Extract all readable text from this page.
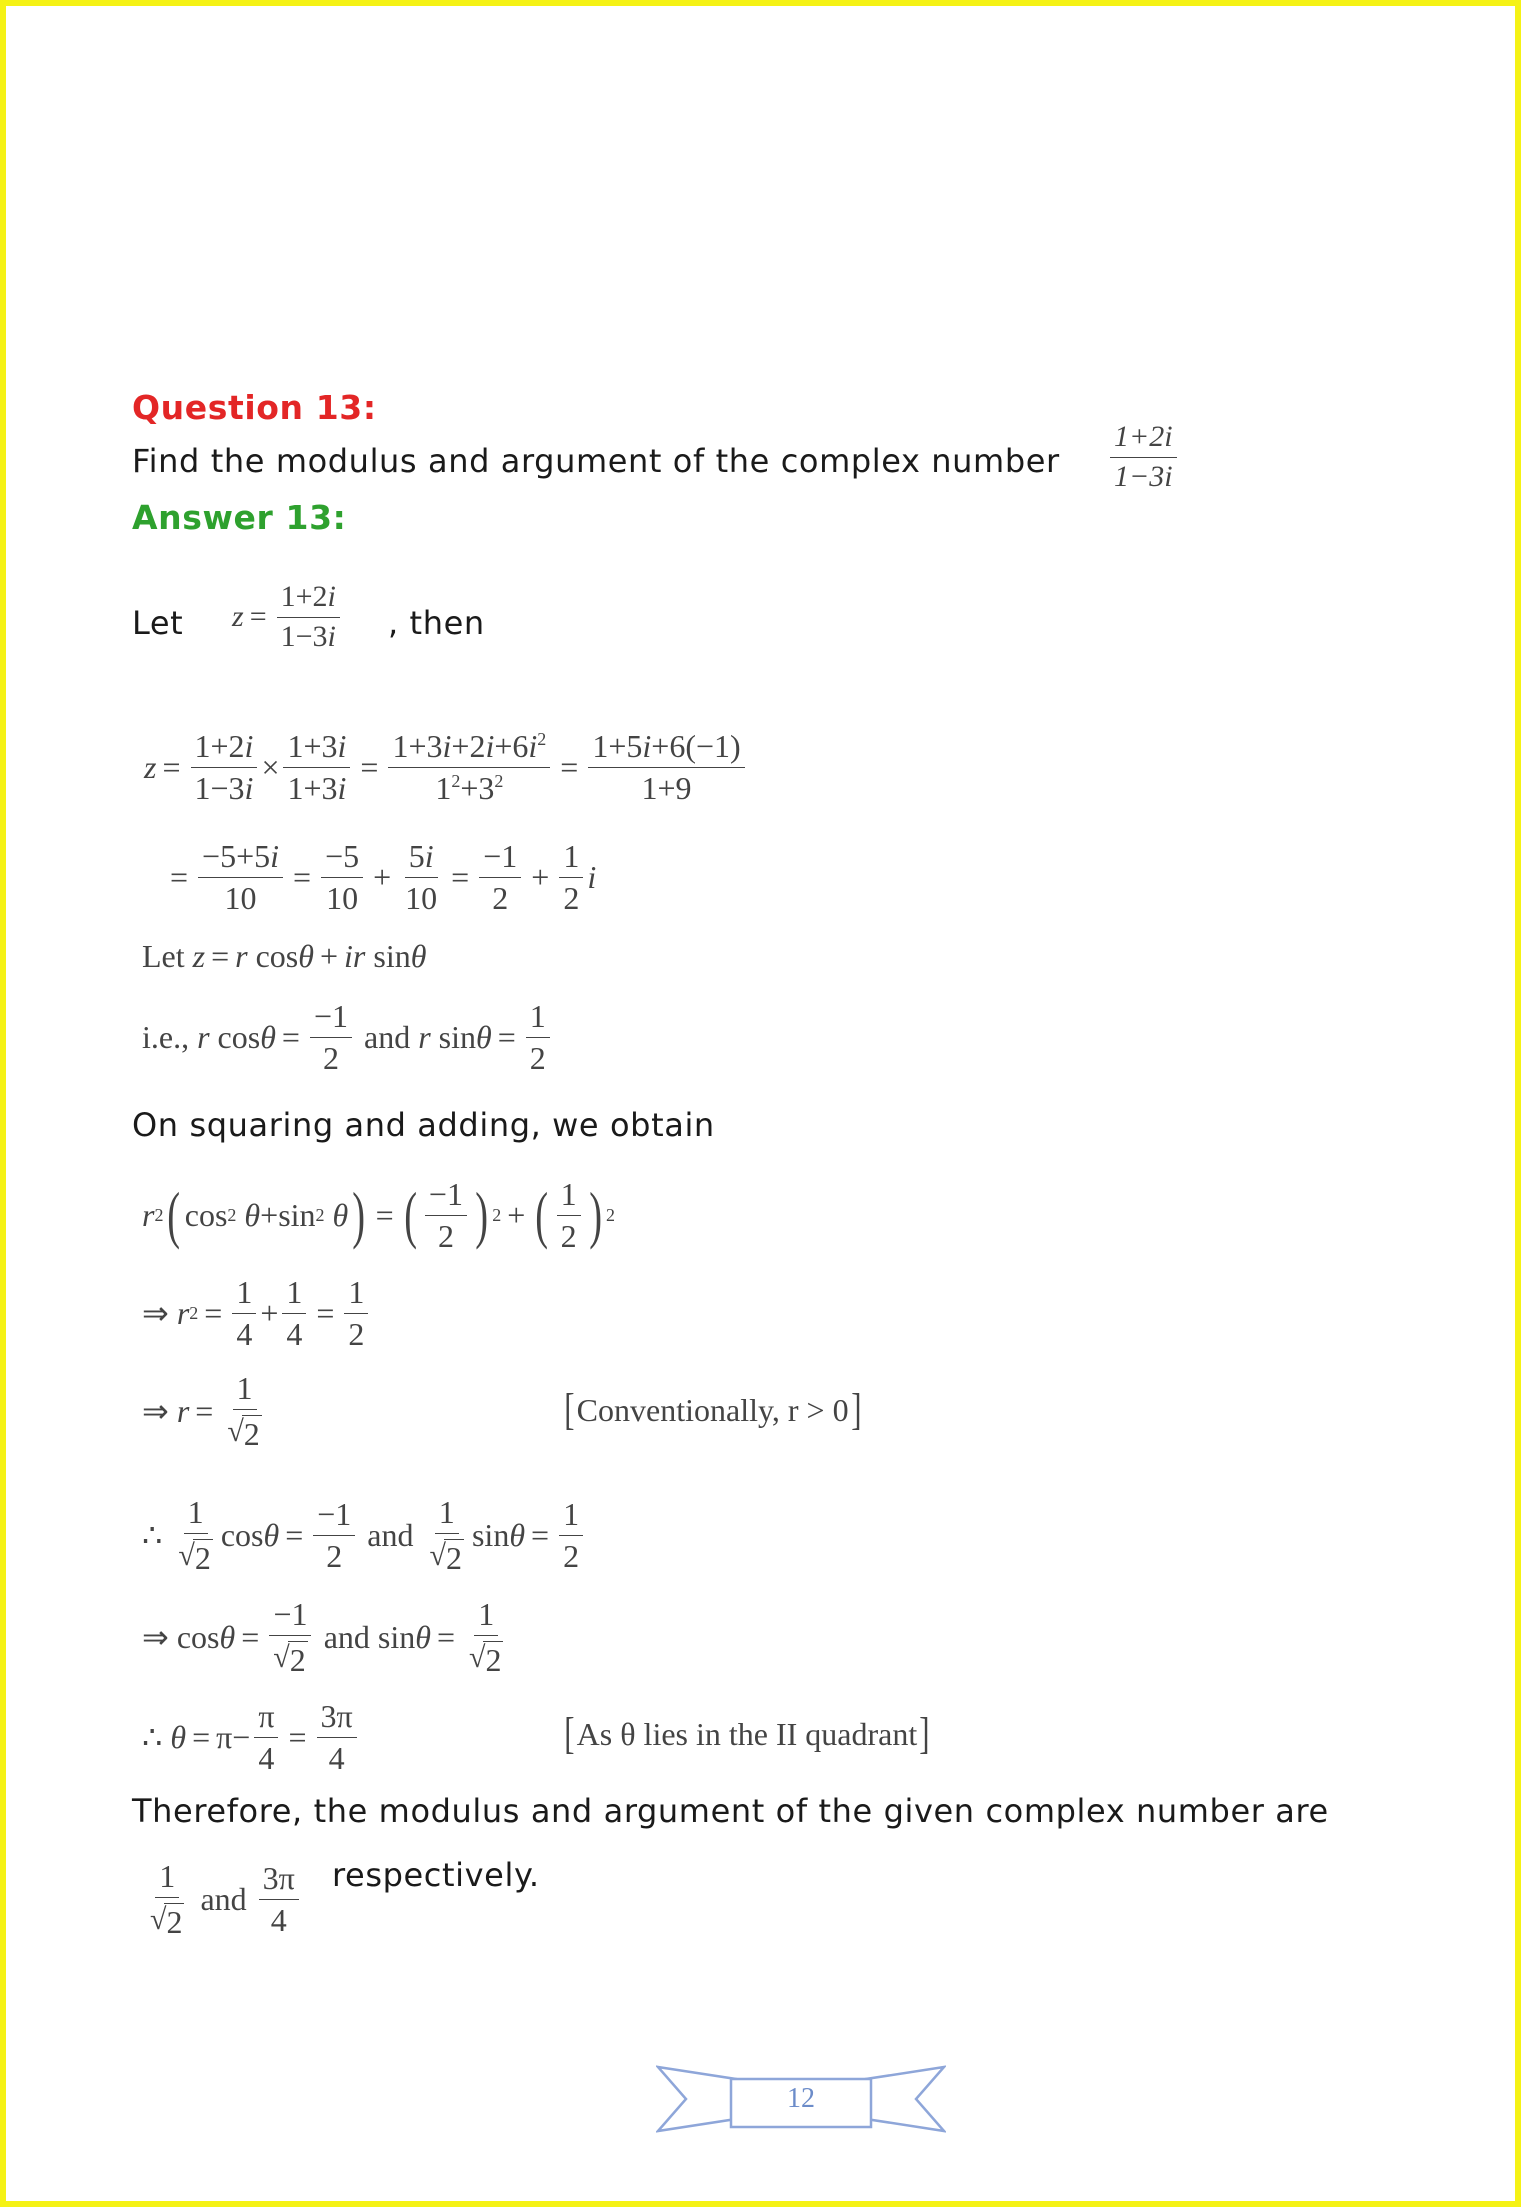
Question 13:
Find the modulus and argument of the complex number $\frac{1+2i}{1-3i}$
Answer 13:
Let $z = \frac{1+2i}{1-3i}$ , then
$z = \frac{1+2i}{1-3i} \times \frac{1+3i}{1+3i} = \frac{1+3i+2i+6i^2}{1^2+3^2} = \frac{1+5i+6(-1)}{1+9}$
= $\frac{-5+5i}{10} = \frac{-5}{10} + \frac{5i}{10} = \frac{-1}{2} + \frac{1}{2}$ i
Let z = r cos θ + ir sin θ
i.e., r $\cos \theta = \frac{-1}{2}$ and r $\sin \theta = \frac{1}{2}$
On squaring and adding, we obtain
r 2 ( cos 2
θ +sin 2
θ ) = ( $\frac{-1}{2}$ ) 2 + ( $\frac{1}{2}$ ) 2
⇒ r $2 = \frac{1}{4} + \frac{1}{4} = \frac{1}{2}$
⇒ $r = \frac{1}{√ 2}$	[ Conventionally, r > 0 ]
∴ $\frac{1}{√ 2}$ $\cos \theta = \frac{-1}{2}$ and $\frac{1}{√ 2}$ $\sin \theta = \frac{1}{2}$
⇒ $\cos \theta = \frac{-1}{√ 2}$ and $\sin \theta = \frac{1}{√ 2}$
∴ $\theta = \pi- \frac{\pi}{4} = \frac{3\pi}{4}$	[ As θ lies in the II quadrant ]
Therefore, the modulus and argument of the given complex number are
$\frac{1}{√ 2}$
and
$\frac{3\pi}{4}$ respectively.
12
